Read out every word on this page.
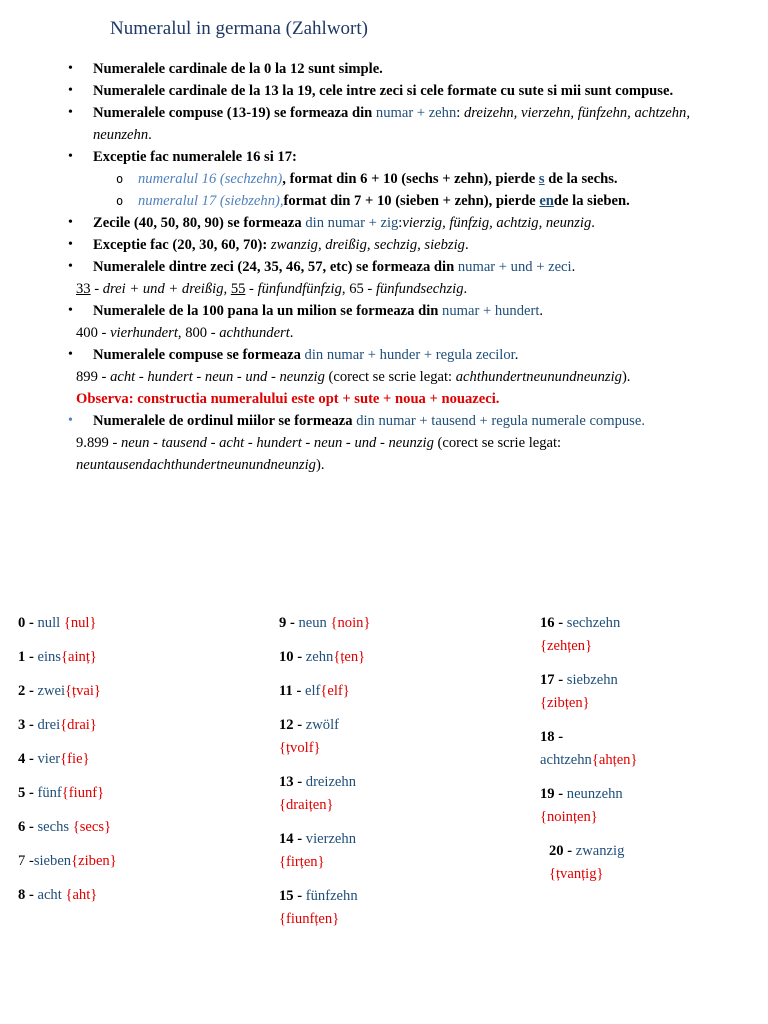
Numeralul in germana (Zahlwort)
• Numeralele cardinale de la 0 la 12 sunt simple.
• Numeralele cardinale de la 13 la 19, cele intre zeci si cele formate cu sute si mii sunt compuse.
• Numeralele compuse (13-19) se formeaza din numar + zehn: dreizehn, vierzehn, fünfzehn, achtzehn, neunzehn.
• Exceptie fac numeralele 16 si 17:
o numeralul 16 (sechzehn), format din 6 + 10 (sechs + zehn), pierde s de la sechs.
o numeralul 17 (siebzehn),format din 7 + 10 (sieben + zehn), pierde ende la sieben.
• Zecile (40, 50, 80, 90) se formeaza din numar + zig:vierzig, fünfzig, achtzig, neunzig.
• Exceptie fac (20, 30, 60, 70): zwanzig, dreißig, sechzig, siebzig.
• Numeralele dintre zeci (24, 35, 46, 57, etc) se formeaza din numar + und + zeci.
33 - drei + und + dreißig, 55 - fünfundfünfzig, 65 - fünfundsechzig.
• Numeralele de la 100 pana la un milion se formeaza din numar + hundert.
400 - vierhundert, 800 - achthundert.
• Numeralele compuse se formeaza din numar + hunder + regula zecilor.
899 - acht - hundert - neun - und - neunzig (corect se scrie legat: achthundertneunundneunzig).
Observa: constructia numeralului este opt + sute + noua + nouazeci.
• Numeralele de ordinul miilor se formeaza din numar + tausend + regula numerale compuse.
9.899 - neun - tausend - acht - hundert - neun - und - neunzig (corect se scrie legat: neuntausendachthundertneunundneunzig).
0 - null {nul}
1 - eins{ainț}
2 - zwei{țvai}
3 - drei{drai}
4 - vier{fie}
5 - fünf{fiunf}
6 - sechs {secs}
7 -sieben{ziben}
8 - acht {aht}
9 - neun {noin}
10 - zehn{țen}
11 - elf{elf}
12 - zwölf
{țvolf}
13 - dreizehn
{draițen}
14 - vierzehn
{firțen}
15 - fünfzehn
{fiunfțen}
16 - sechzehn
{zehțen}
17 - siebzehn
{zibțen}
18 -
achtzehn{ahțen}
19 - neunzehn
{noințen}
20 - zwanzig
{țvanțig}
